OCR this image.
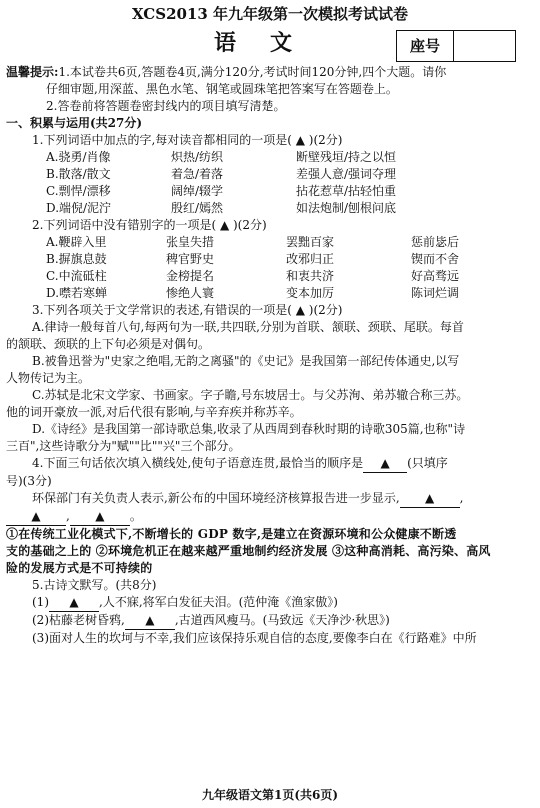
XCS2013 年九年级第一次模拟考试试卷
语文	座号
温馨提示:1.本试卷共6页,答题卷4页,满分120分,考试时间120分钟,四个大题。请你
仔细审题,用深蓝、黑色水笔、钢笔或圆珠笔把答案写在答题卷上。
2.答卷前将答题卷密封线内的项目填写清楚。
一、积累与运用(共27分)
1.下列词语中加点的字,每对读音都相同的一项是( ▲ )(2分)
A.骁勇/肖像	炽热/纺织	断壁残垣/持之以恒
B.散落/散文	着急/着落	差强人意/强词夺理
C.剽悍/漂移	阔绰/辍学	拈花惹草/拈轻怕重
D.端倪/泥泞	殷红/嫣然	如法炮制/刨根问底
2.下列词语中没有错别字的一项是( ▲ )(2分)
A.鞭辟入里	张皇失措	罢黜百家	惩前毖后
B.摒旗息鼓	稗官野史	改邪归正	锲而不舍
C.中流砥柱	金榜提名	和衷共济	好高骛远
D.噤若寒蝉	惨绝人寰	变本加厉	陈词烂调
3.下列各项关于文学常识的表述,有错误的一项是( ▲ )(2分)
A.律诗一般每首八句,每两句为一联,共四联,分别为首联、颔联、颈联、尾联。每首
的颔联、颈联的上下句必须是对偶句。
B.被鲁迅誉为"史家之绝唱,无韵之离骚"的《史记》是我国第一部纪传体通史,以写
人物传记为主。
C.苏轼是北宋文学家、书画家。字子瞻,号东坡居士。与父苏洵、弟苏辙合称三苏。
他的词开豪放一派,对后代很有影响,与辛弃疾并称苏辛。
D.《诗经》是我国第一部诗歌总集,收录了从西周到春秋时期的诗歌305篇,也称"诗
三百",这些诗歌分为"赋""比""兴"三个部分。
4.下面三句话依次填入横线处,使句子语意连贯,最恰当的顺序是 ▲ (只填序
号)(3分)
环保部门有关负责人表示,新公布的中国环境经济核算报告进一步显示, ▲ ,
▲ , ▲ 。
①在传统工业化模式下,不断增长的 GDP 数字,是建立在资源环境和公众健康不断透
支的基础之上的 ②环境危机正在越来越严重地制约经济发展 ③这种高消耗、高污染、高风
险的发展方式是不可持续的
5.古诗文默写。(共8分)
(1) ▲ ,人不寐,将军白发征夫泪。(范仲淹《渔家傲》)
(2)枯藤老树昏鸦, ▲ ,古道西风瘦马。(马致远《天净沙·秋思》)
(3)面对人生的坎坷与不幸,我们应该保持乐观自信的态度,要像李白在《行路难》中所
九年级语文第1页(共6页)
